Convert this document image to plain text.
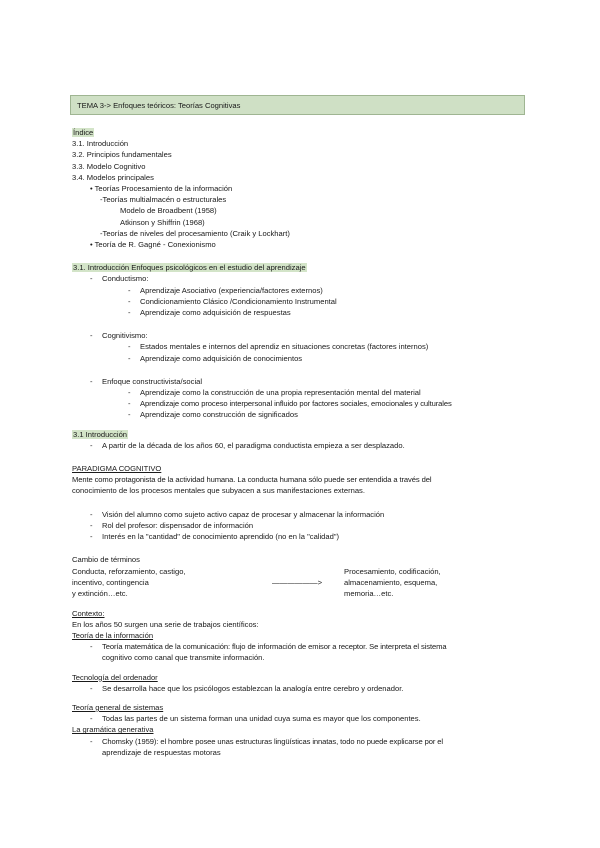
TEMA 3-> Enfoques teóricos: Teorías Cognitivas
Índice
3.1. Introducción
3.2. Principios fundamentales
3.3. Modelo Cognitivo
3.4. Modelos principales
• Teorías Procesamiento de la información
-Teorías multialmacén o estructurales
Modelo de Broadbent (1958)
Atkinson y Shiffrin (1968)
-Teorías de niveles del procesamiento (Craik y Lockhart)
• Teoría de R. Gagné - Conexionismo
3.1. Introducción Enfoques psicológicos en el estudio del aprendizaje
- Conductismo:
- Aprendizaje Asociativo (experiencia/factores externos)
- Condicionamiento Clásico /Condicionamiento Instrumental
- Aprendizaje como adquisición de respuestas
- Cognitivismo:
- Estados mentales e internos del aprendiz en situaciones concretas (factores internos)
- Aprendizaje como adquisición de conocimientos
- Enfoque constructivista/social
- Aprendizaje como la construcción de una propia representación mental del material
- Aprendizaje como proceso interpersonal influido por factores sociales, emocionales y culturales
- Aprendizaje como construcción de significados
3.1 Introducción
- A partir de la década de los años 60, el paradigma conductista empieza a ser desplazado.
PARADIGMA COGNITIVO
Mente como protagonista de la actividad humana. La conducta humana sólo puede ser entendida a través del
conocimiento de los procesos mentales que subyacen a sus manifestaciones externas.
- Visión del alumno como sujeto activo capaz de procesar y almacenar la información
- Rol del profesor: dispensador de información
- Interés en la "cantidad" de conocimiento aprendido (no en la "calidad")
Cambio de términos
Conducta, reforzamiento, castigo,
incentivo, contingencia
y extinción…etc.
——————>
Procesamiento, codificación,
almacenamiento, esquema,
memoria…etc.
Contexto:
En los años 50 surgen una serie de trabajos científicos:
Teoría de la información
- Teoría matemática de la comunicación: flujo de información de emisor a receptor. Se interpreta el sistema
cognitivo como canal que transmite información.
Tecnología del ordenador
- Se desarrolla hace que los psicólogos establezcan la analogía entre cerebro y ordenador.
Teoría general de sistemas
- Todas las partes de un sistema forman una unidad cuya suma es mayor que los componentes.
La gramática generativa
- Chomsky (1959): el hombre posee unas estructuras lingüísticas innatas, todo no puede explicarse por el
aprendizaje de respuestas motoras
